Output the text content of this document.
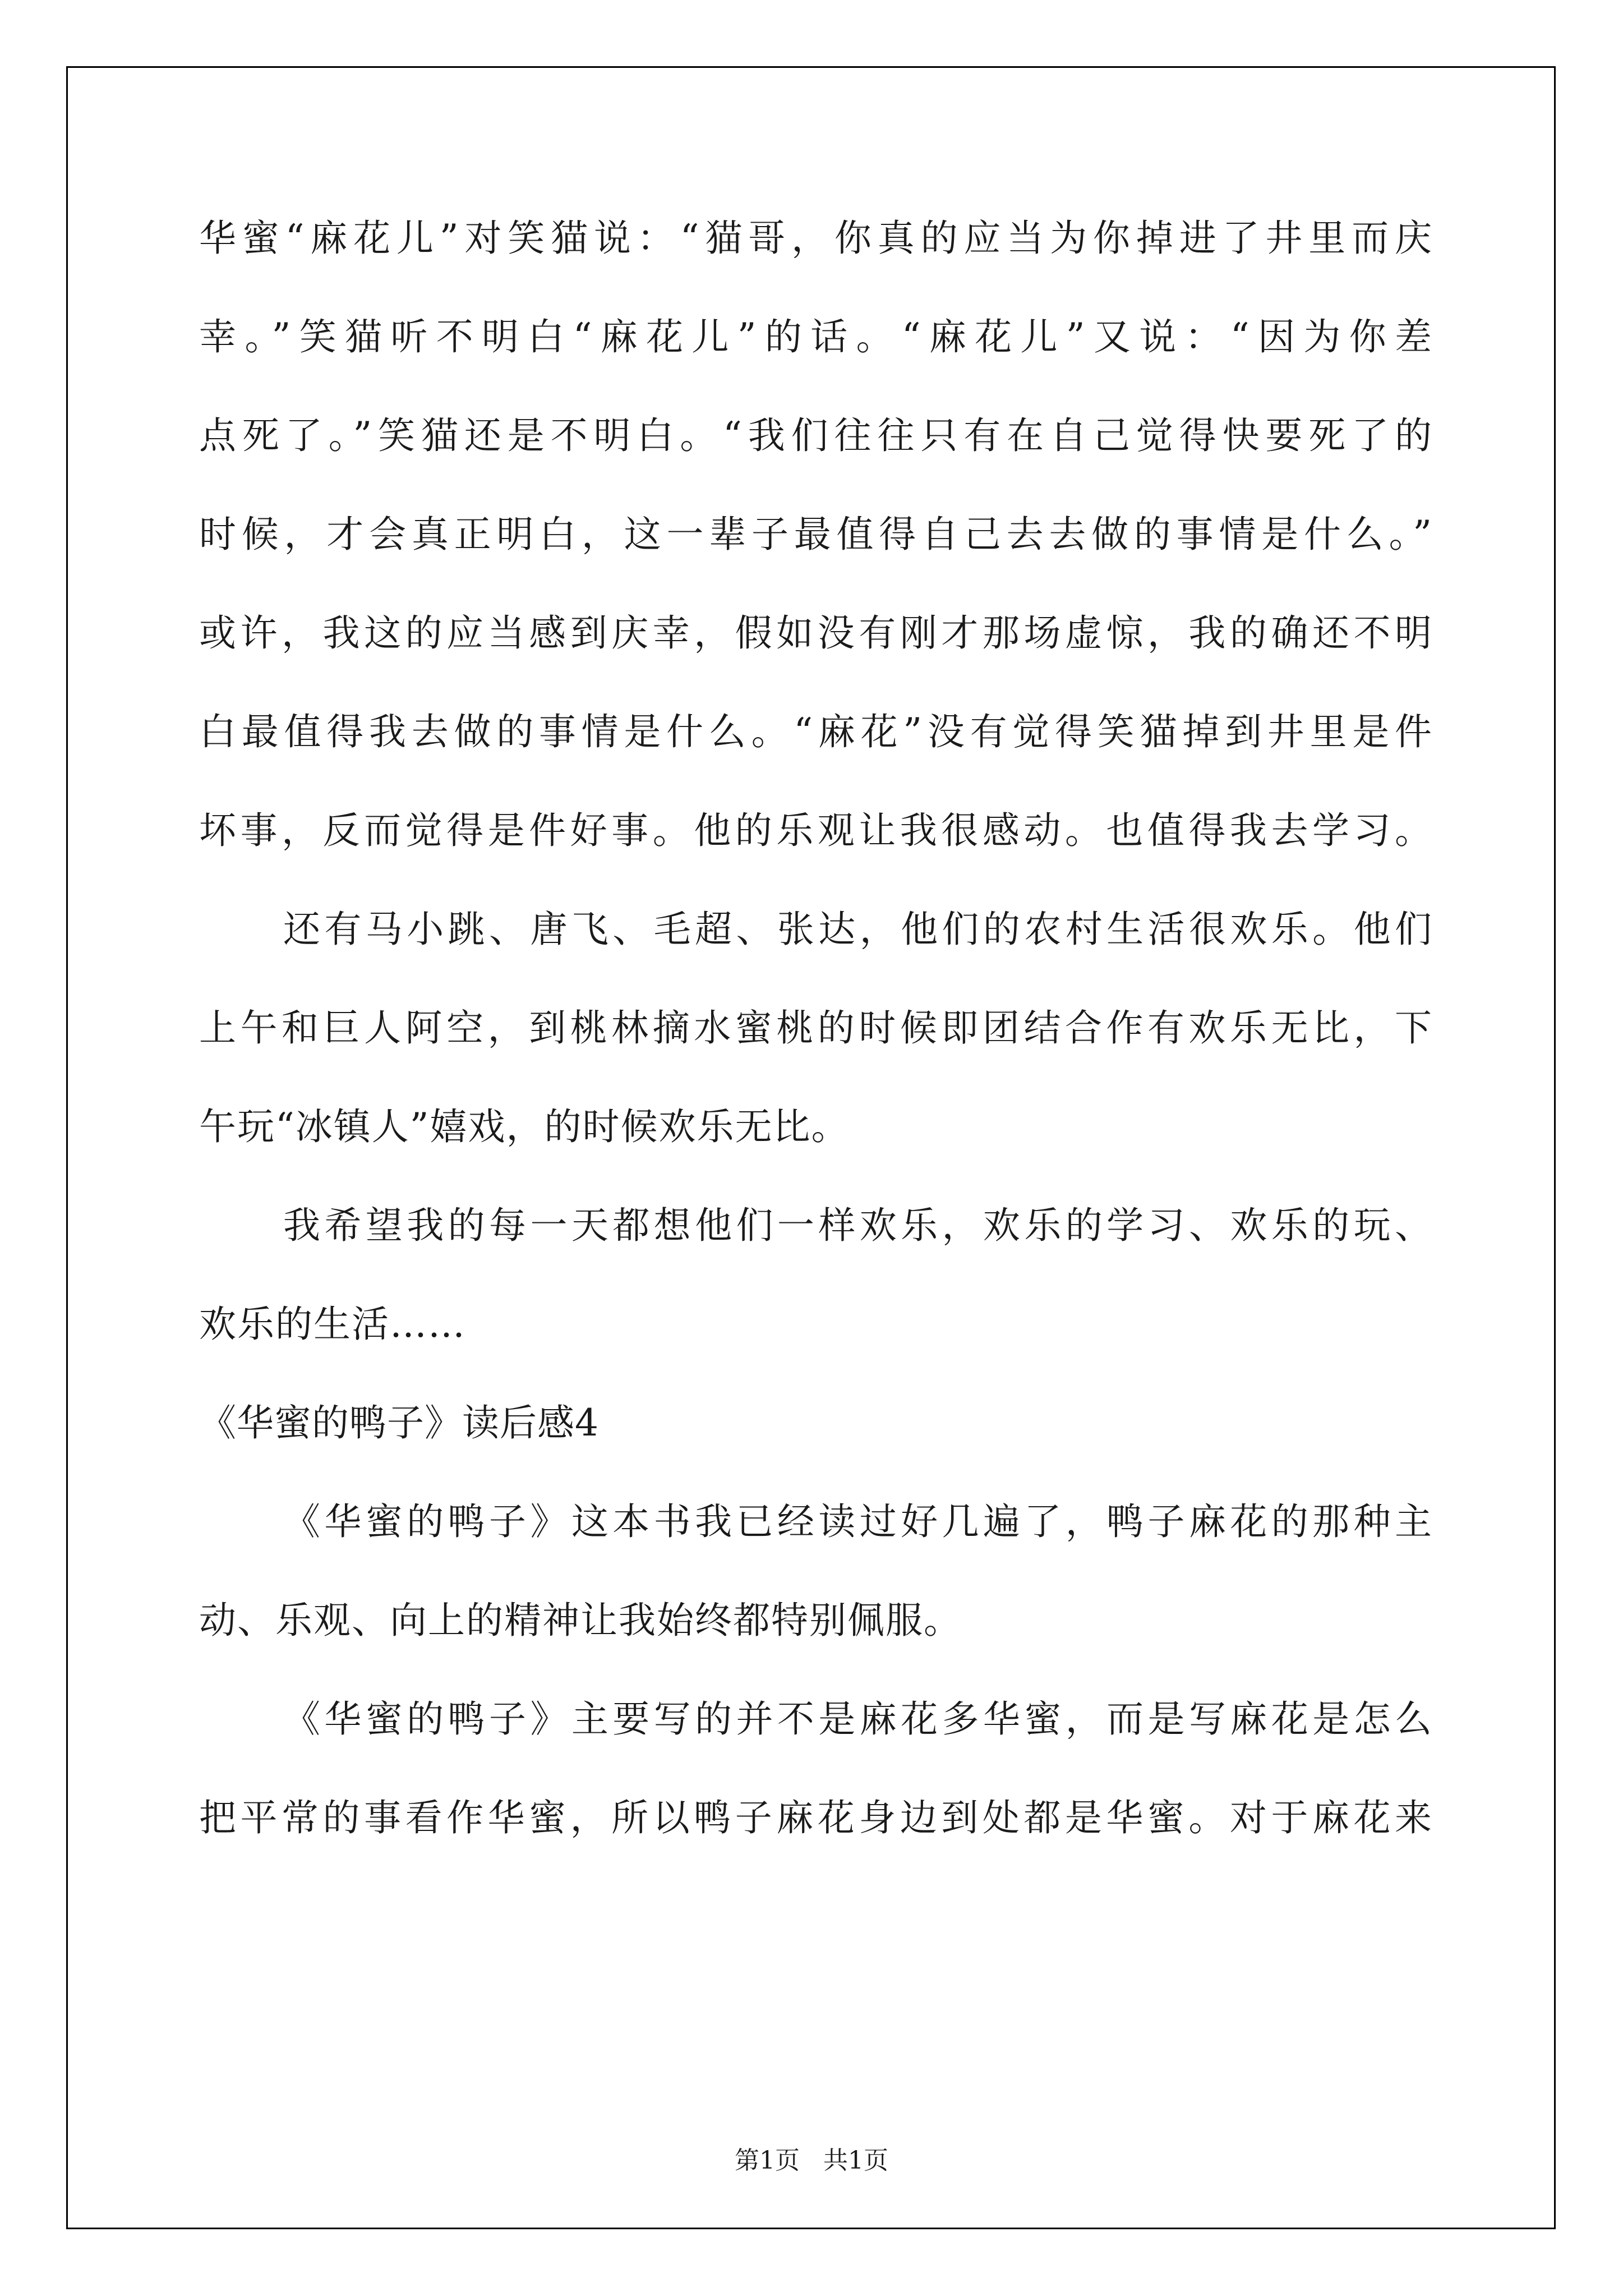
华蜜“麻花儿”对笑猫说：“猫哥，你真的应当为你掉进了井里而庆
幸。”笑猫听不明白“麻花儿”的话。“麻花儿”又说：“因为你差
点死了。”笑猫还是不明白。“我们往往只有在自己觉得快要死了的
时候，才会真正明白，这一辈子最值得自己去去做的事情是什么。”
或许，我这的应当感到庆幸，假如没有刚才那场虚惊，我的确还不明
白最值得我去做的事情是什么。“麻花”没有觉得笑猫掉到井里是件
坏事，反而觉得是件好事。他的乐观让我很感动。也值得我去学习。
还有马小跳、唐飞、毛超、张达，他们的农村生活很欢乐。他们
上午和巨人阿空，到桃林摘水蜜桃的时候即团结合作有欢乐无比，下
午玩“冰镇人”嬉戏，的时候欢乐无比。
我希望我的每一天都想他们一样欢乐，欢乐的学习、欢乐的玩、
欢乐的生活……
《华蜜的鸭子》读后感4
《华蜜的鸭子》这本书我已经读过好几遍了，鸭子麻花的那种主
动、乐观、向上的精神让我始终都特别佩服。
《华蜜的鸭子》主要写的并不是麻花多华蜜，而是写麻花是怎么
把平常的事看作华蜜，所以鸭子麻花身边到处都是华蜜。对于麻花来
第1页   共1页
